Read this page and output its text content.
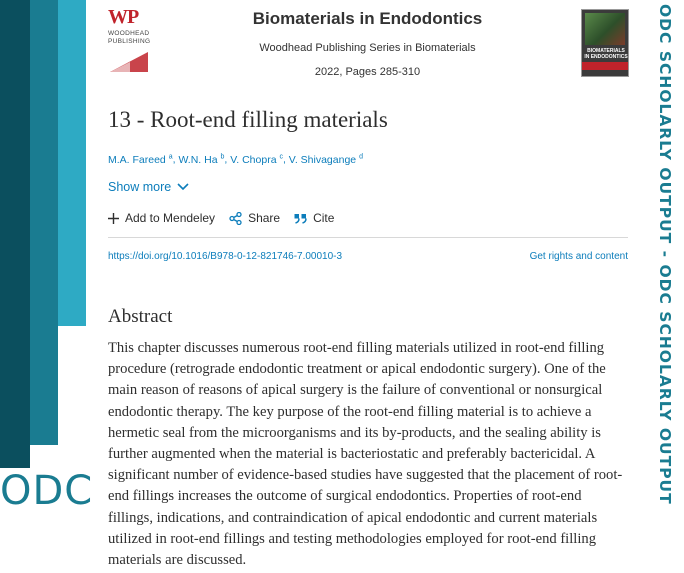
ODC	ODC SCHOLARLY OUTPUT - ODC SCHOLARLY OUTPUT
WP
WOODHEAD
PUBLISHING
Biomaterials in Endodontics
Woodhead Publishing Series in Biomaterials
2022, Pages 285-310
BIOMATERIALS IN ENDODONTICS
13 - Root-end filling materials
M.A. Fareed $^a$, W.N. Ha $^b$, V. Chopra $^c$, V. Shivagange $^d$
Show more
Add to Mendeley	Share	Cite
https://doi.org/10.1016/B978-0-12-821746-7.00010-3	Get rights and content
Abstract

This chapter discusses numerous root-end filling materials utilized in root-end filling procedure (retrograde endodontic treatment or apical endodontic surgery). One of the main reason of reasons of apical surgery is the failure of conventional or nonsurgical endodontic therapy. The key purpose of the root-end filling material is to achieve a hermetic seal from the microorganisms and its by-products, and the sealing ability is further augmented when the material is bacteriostatic and preferably bactericidal. A significant number of evidence-based studies have suggested that the placement of root-end fillings increases the outcome of surgical endodontics. Properties of root-end fillings, indications, and contraindication of apical endodontic and current materials utilized in root-end fillings and testing methodologies employed for root-end filling materials are discussed.
